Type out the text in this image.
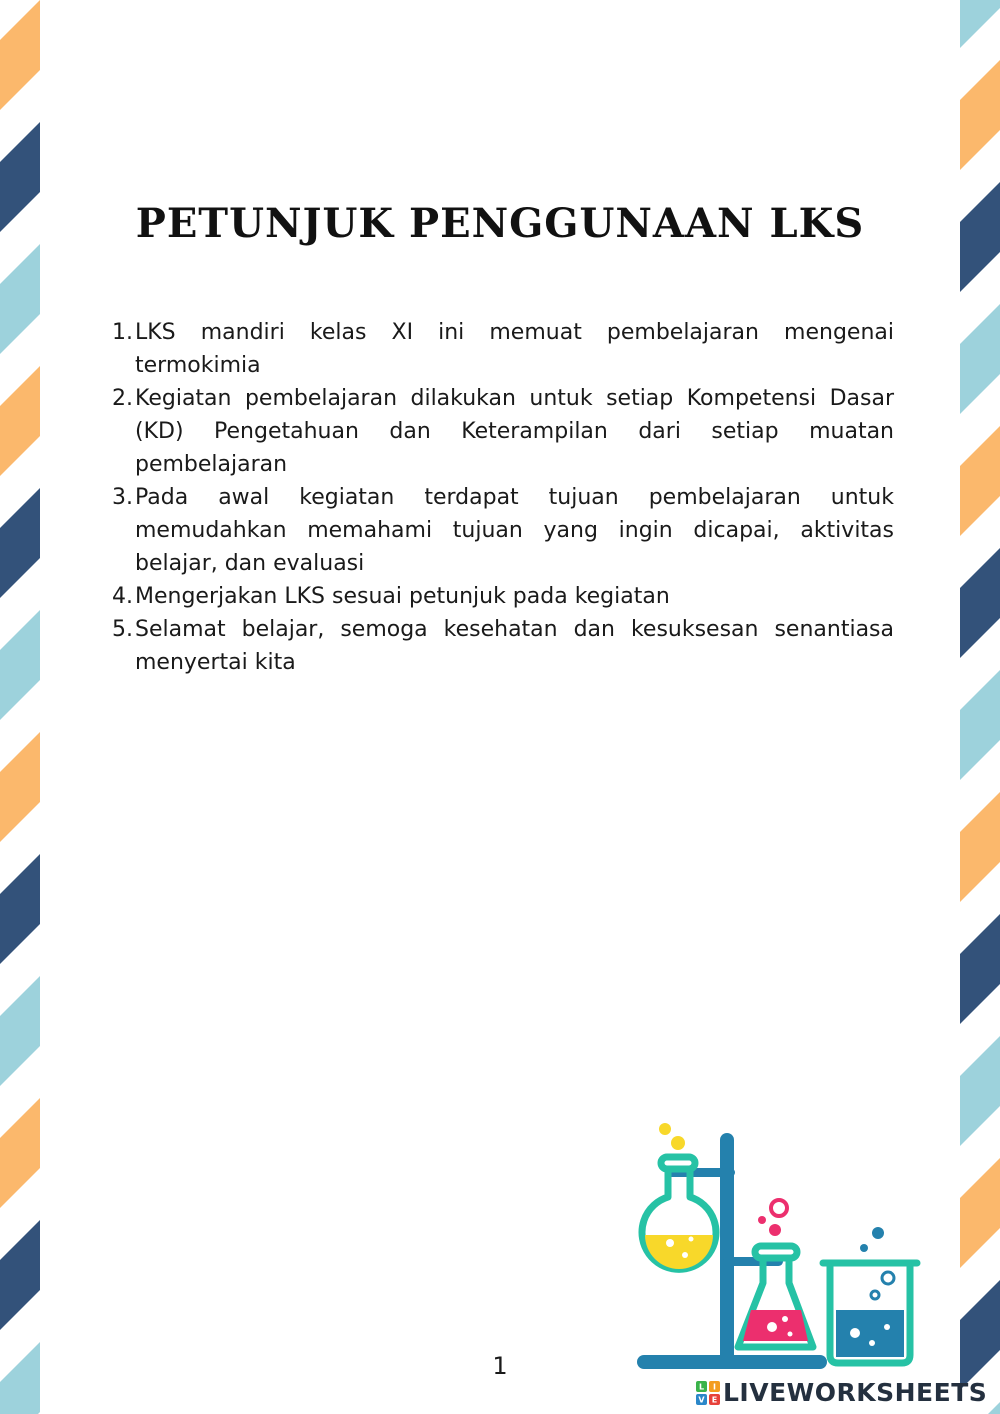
PETUNJUK PENGGUNAAN LKS
1. LKS mandiri kelas XI ini memuat pembelajaran mengenai termokimia
2. Kegiatan pembelajaran dilakukan untuk setiap Kompetensi Dasar (KD) Pengetahuan dan Keterampilan dari setiap muatan pembelajaran
3. Pada awal kegiatan terdapat tujuan pembelajaran untuk memudahkan memahami tujuan yang ingin dicapai, aktivitas belajar, dan evaluasi
4. Mengerjakan LKS sesuai petunjuk pada kegiatan
5. Selamat belajar, semoga kesehatan dan kesuksesan senantiasa menyertai kita
1
L I
V E LIVEWORKSHEETS
